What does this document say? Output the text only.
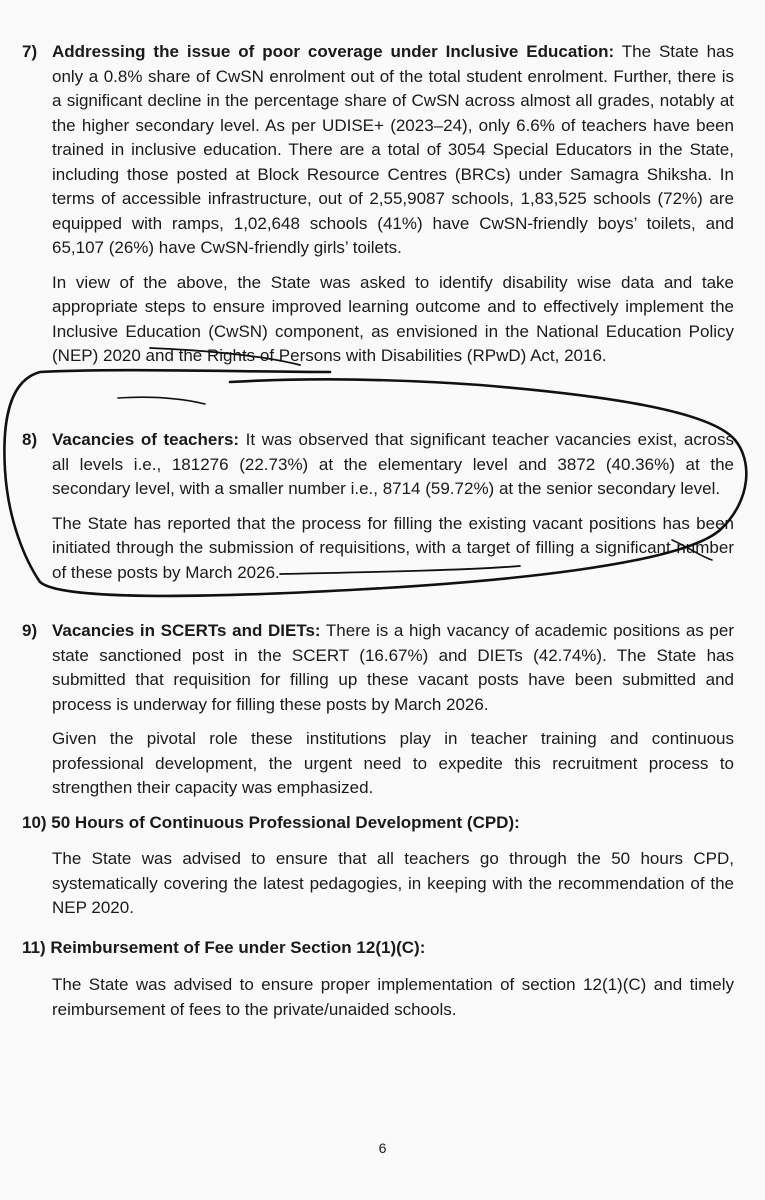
7) Addressing the issue of poor coverage under Inclusive Education: The State has only a 0.8% share of CwSN enrolment out of the total student enrolment. Further, there is a significant decline in the percentage share of CwSN across almost all grades, notably at the higher secondary level. As per UDISE+ (2023–24), only 6.6% of teachers have been trained in inclusive education. There are a total of 3054 Special Educators in the State, including those posted at Block Resource Centres (BRCs) under Samagra Shiksha. In terms of accessible infrastructure, out of 2,55,9087 schools, 1,83,525 schools (72%) are equipped with ramps, 1,02,648 schools (41%) have CwSN-friendly boys’ toilets, and 65,107 (26%) have CwSN-friendly girls’ toilets.

In view of the above, the State was asked to identify disability wise data and take appropriate steps to ensure improved learning outcome and to effectively implement the Inclusive Education (CwSN) component, as envisioned in the National Education Policy (NEP) 2020 and the Rights of Persons with Disabilities (RPwD) Act, 2016.

8) Vacancies of teachers: It was observed that significant teacher vacancies exist, across all levels i.e., 181276 (22.73%) at the elementary level and 3872 (40.36%) at the secondary level, with a smaller number i.e., 8714 (59.72%) at the senior secondary level.

The State has reported that the process for filling the existing vacant positions has been initiated through the submission of requisitions, with a target of filling a significant number of these posts by March 2026.

9) Vacancies in SCERTs and DIETs: There is a high vacancy of academic positions as per state sanctioned post in the SCERT (16.67%) and DIETs (42.74%). The State has submitted that requisition for filling up these vacant posts have been submitted and process is underway for filling these posts by March 2026.

Given the pivotal role these institutions play in teacher training and continuous professional development, the urgent need to expedite this recruitment process to strengthen their capacity was emphasized.

10) 50 Hours of Continuous Professional Development (CPD):

The State was advised to ensure that all teachers go through the 50 hours CPD, systematically covering the latest pedagogies, in keeping with the recommendation of the NEP 2020.

11) Reimbursement of Fee under Section 12(1)(C):

The State was advised to ensure proper implementation of section 12(1)(C) and timely reimbursement of fees to the private/unaided schools.

6
